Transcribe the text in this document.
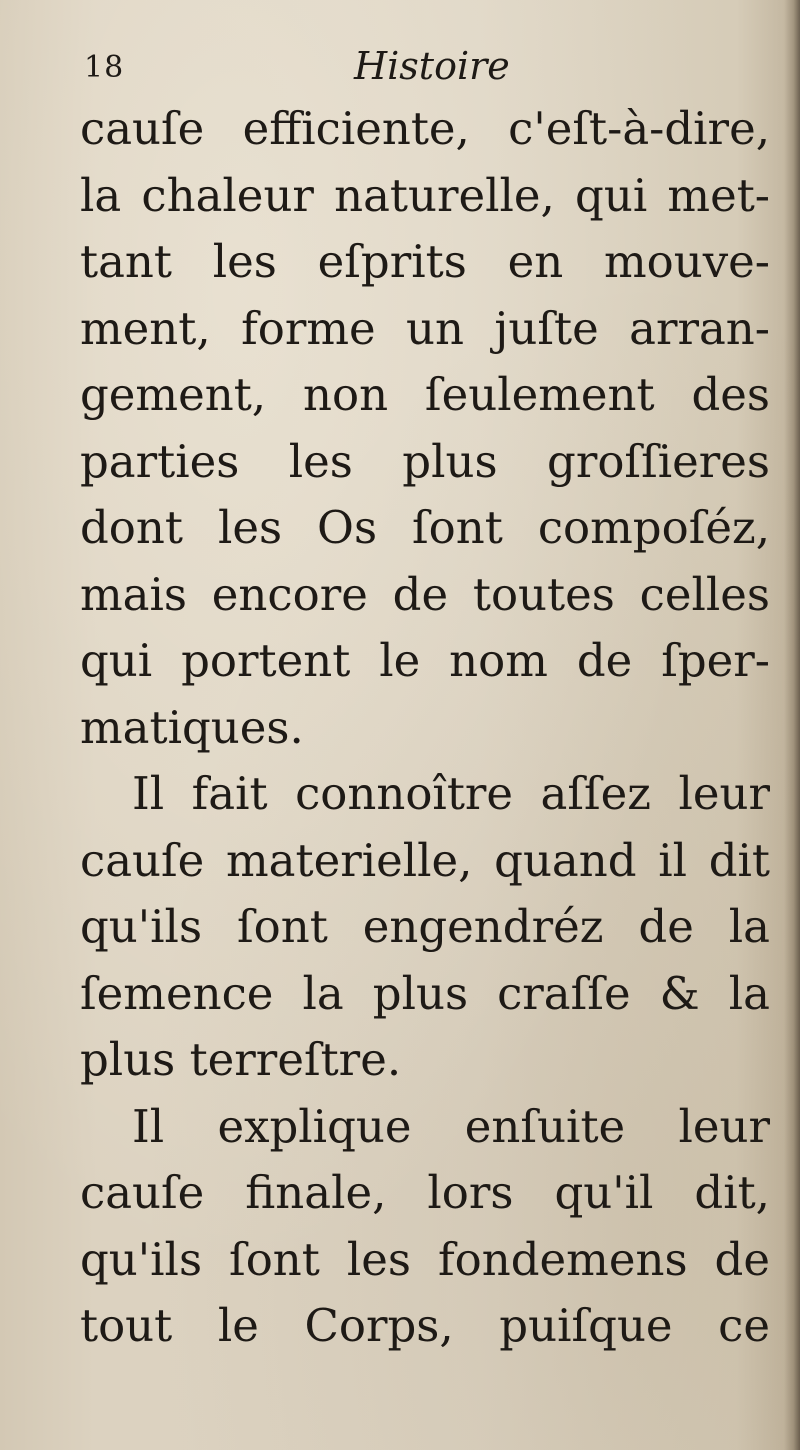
18	Histoire
cauſe efficiente, c'eſt-à-dire,
la chaleur naturelle, qui met-
tant les eſprits en mouve-
ment, forme un juſte arran-
gement, non ſeulement des
parties les plus groſſieres
dont les Os ſont compoſéz,
mais encore de toutes celles
qui portent le nom de ſper-
matiques.
Il fait connoître aſſez leur
cauſe materielle, quand il dit
qu'ils ſont engendréz de la
ſemence la plus craſſe & la
plus terreſtre.
Il explique enſuite leur
cauſe finale, lors qu'il dit,
qu'ils ſont les fondemens de
tout le Corps, puiſque ce
